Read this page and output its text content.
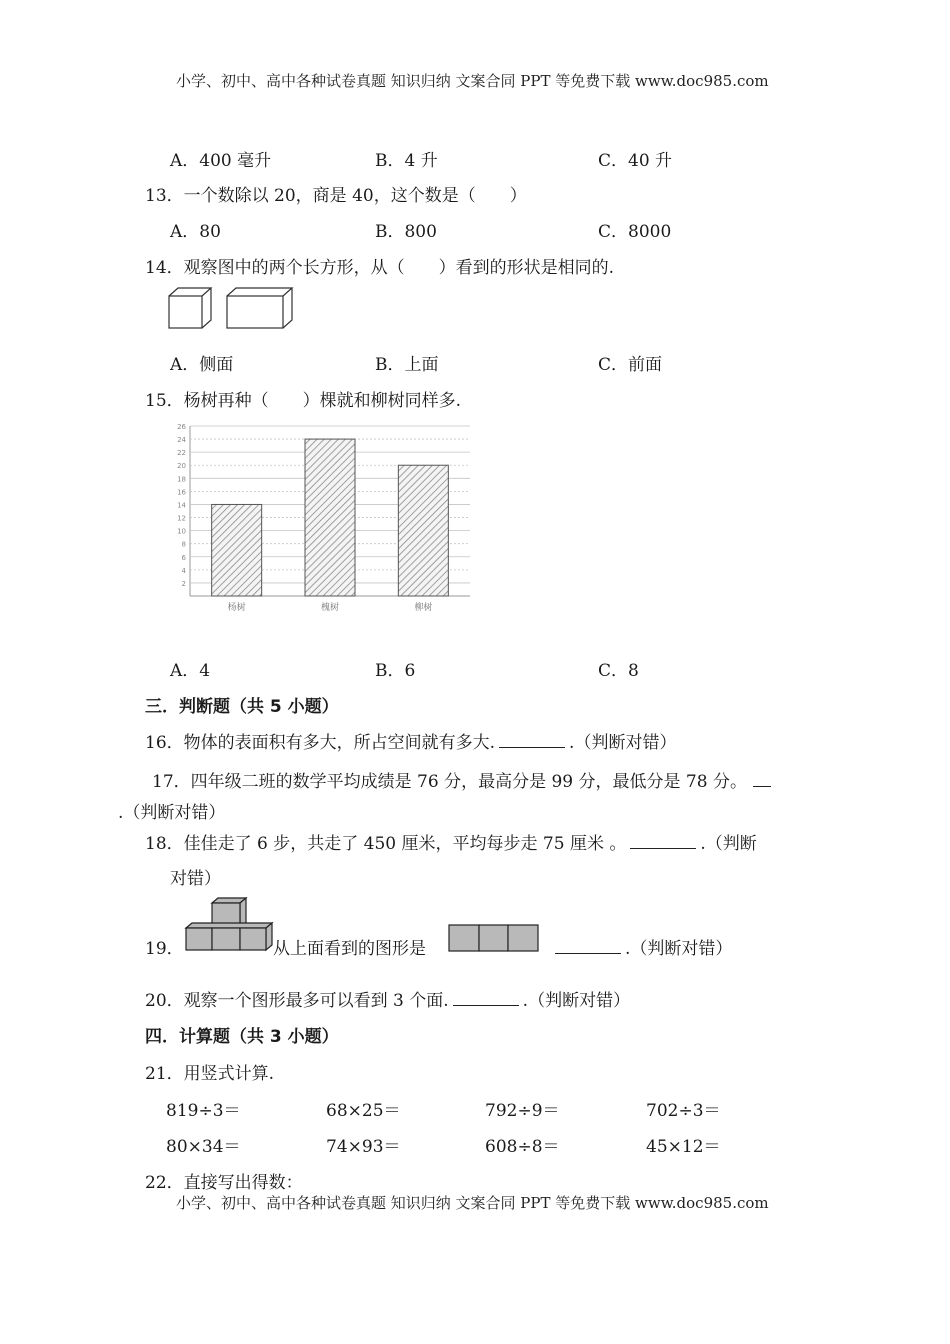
小学、初中、高中各种试卷真题 知识归纳 文案合同 PPT 等免费下载 www.doc985.com
小学、初中、高中各种试卷真题 知识归纳 文案合同 PPT 等免费下载 www.doc985.com
A．400 毫升	B．4 升	C．40 升
13．一个数除以 20，商是 40，这个数是（　　）
A．80	B．800	C．8000
14．观察图中的两个长方形，从（　　）看到的形状是相同的.
A．侧面	B．上面	C．前面
15．杨树再种（　　）棵就和柳树同样多.
26
24
22
20
18
16
14
12
10
8
6
4
2
杨树	槐树	柳树
A．4	B．6	C．8
三．判断题（共 5 小题）
16．物体的表面积有多大，所占空间就有多大.	.（判断对错）
17．四年级二班的数学平均成绩是 76 分，最高分是 99 分，最低分是 78 分。
.（判断对错）
18．佳佳走了 6 步，共走了 450 厘米，平均每步走 75 厘米 。	.（判断
对错）
19．	从上面看到的图形是	.（判断对错）
20．观察一个图形最多可以看到 3 个面.	.（判断对错）
四．计算题（共 3 小题）
21．用竖式计算.
819÷3＝	68×25＝	792÷9＝	702÷3＝
80×34＝	74×93＝	608÷8＝	45×12＝
22．直接写出得数：
